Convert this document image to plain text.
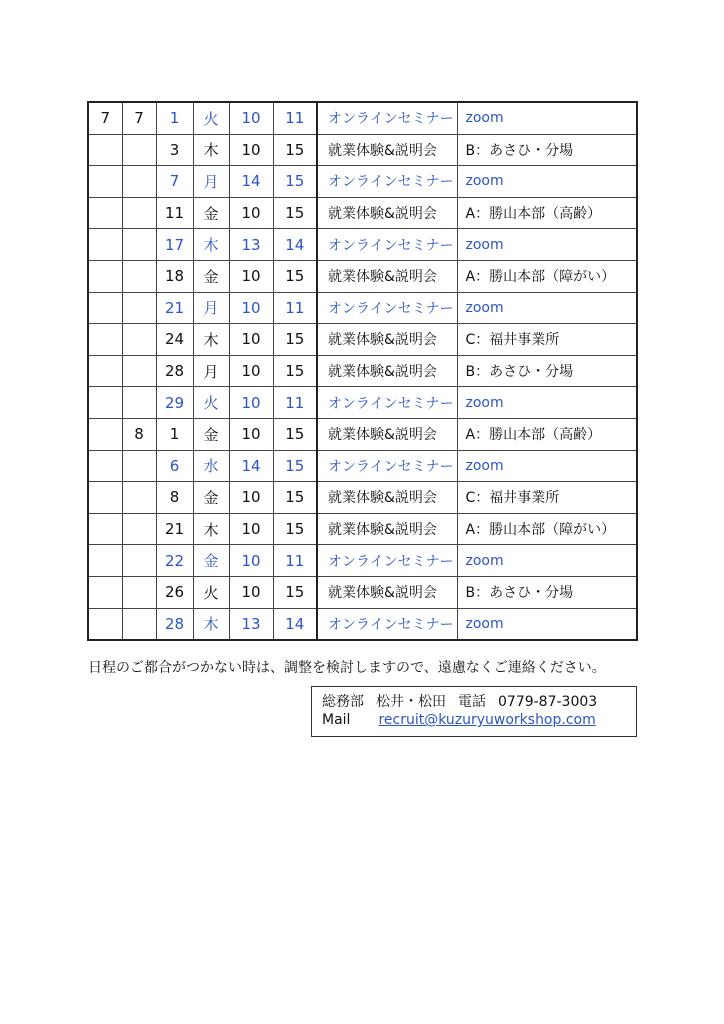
7	7	1	火	10	11	オンラインセミナー	zoom
		3	木	10	15	就業体験&説明会	B：あさひ・分場
		7	月	14	15	オンラインセミナー	zoom
		11	金	10	15	就業体験&説明会	A：勝山本部（高齢）
		17	木	13	14	オンラインセミナー	zoom
		18	金	10	15	就業体験&説明会	A：勝山本部（障がい）
		21	月	10	11	オンラインセミナー	zoom
		24	木	10	15	就業体験&説明会	C：福井事業所
		28	月	10	15	就業体験&説明会	B：あさひ・分場
		29	火	10	11	オンラインセミナー	zoom
	8	1	金	10	15	就業体験&説明会	A：勝山本部（高齢）
		6	水	14	15	オンラインセミナー	zoom
		8	金	10	15	就業体験&説明会	C：福井事業所
		21	木	10	15	就業体験&説明会	A：勝山本部（障がい）
		22	金	10	11	オンラインセミナー	zoom
		26	火	10	15	就業体験&説明会	B：あさひ・分場
		28	木	13	14	オンラインセミナー	zoom

日程のご都合がつかない時は、調整を検討しますので、遠慮なくご連絡ください。

総務部 松井・松田 電話 0779-87-3003
Mail recruit@kuzuryuworkshop.com
